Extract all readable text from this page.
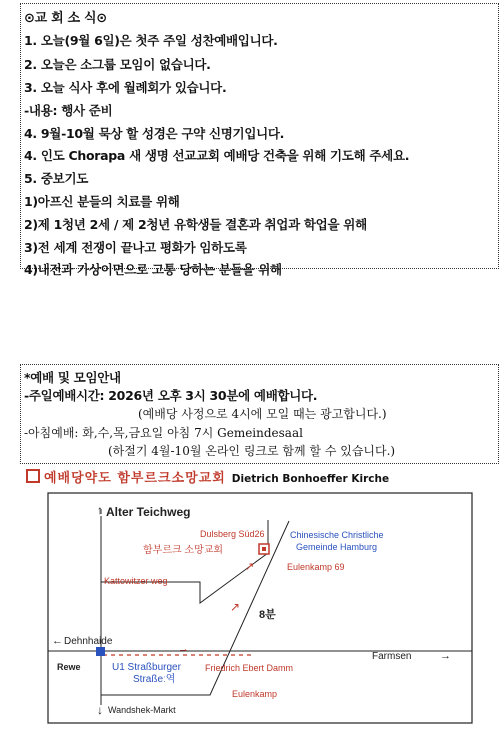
⊙교 회 소 식⊙
1. 오늘(9월 6일)은 첫주 주일 성찬예배입니다.
2. 오늘은 소그룹 모임이 없습니다.
3. 오늘 식사 후에 월례회가 있습니다.
-내용: 행사 준비
4. 9월-10월 묵상 할 성경은 구약 신명기입니다.
4. 인도 Chorapa 새 생명 선교교회 예배당 건축을 위해 기도해 주세요.
5. 중보기도
1)아프신 분들의 치료를 위해
2)제 1청년 2세 / 제 2청년 유학생들 결혼과 취업과 학업을 위해
3)전 세계 전쟁이 끝나고 평화가 임하도록
4)내전과 가상이면으로 고통 당하는 분들을 위해
*예배 및 모임안내
-주일예배시간: 2026년 오후 3시 30분에 예배합니다.
(예배당 사정으로 4시에 모일 때는 광고합니다.)
-아침예배: 화,수,목,금요일 아침 7시 Gemeindesaal
(하절기 4월-10월 온라인 링크로 함께 할 수 있습니다.)
예배당약도 함부르크소망교회 Dietrich Bonhoeffer Kirche
↑
←
→
↓
→
↗
↗
Alter Teichweg
Dulsberg Süd26	Chinesische Christliche
Gemeinde Hamburg
함부르크 소망교회
Eulenkamp 69
Kattowitzer weg
8분
Dehnhaide
Farmsen
Rewe	U1 Straßburger
Straßeː역
Friedrich Ebert Damm
Eulenkamp
Wandshek-Markt
